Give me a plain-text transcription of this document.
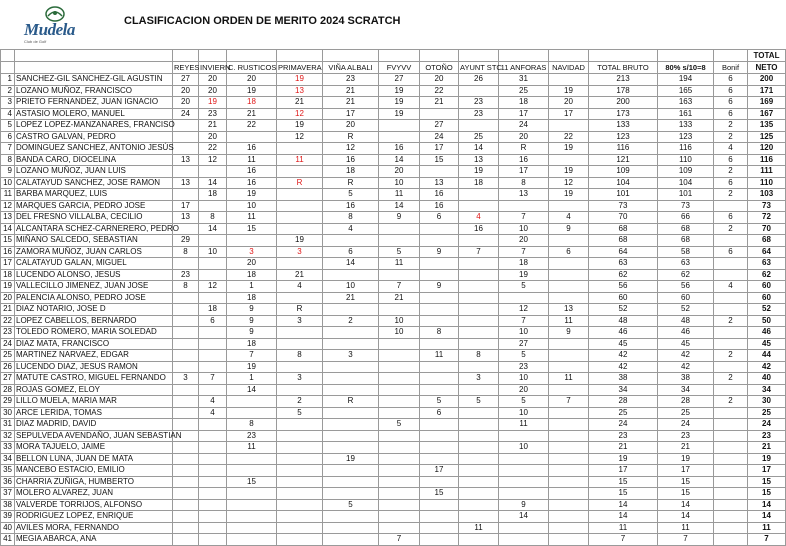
Mudela
Club de Golf
CLASIFICACION ORDEN DE MERITO 2024 SCRATCH
															TOTAL
		REYES	INVIERN	C. RUSTICOS	PRIMAVERA	VIÑA ALBALI	FVYVV	OTOÑO	AYUNT STC	11 ANFORAS	NAVIDAD	TOTAL BRUTO	80% s/10=8	Bonif	NETO
1	SANCHEZ-GIL SANCHEZ-GIL AGUSTIN	27	20	20	19	23	27	20	26	31		213	194	6	200
2	LOZANO MUÑOZ, FRANCISCO	20	20	19	13	21	19	22		25	19	178	165	6	171
3	PRIETO FERNANDEZ, JUAN IGNACIO	20	19	18	21	21	19	21	23	18	20	200	163	6	169
4	ASTASIO MOLERO, MANUEL	24	23	21	12	17	19		23	17	17	173	161	6	167
5	LOPEZ LOPEZ-MANZANARES, FRANCISO		21	22	19	20		27		24		133	133	2	135
6	CASTRO GALVAN, PEDRO		20		12	R		24	25	20	22	123	123	2	125
7	DOMINGUEZ SANCHEZ, ANTONIO JESÚS		22	16		12	16	17	14	R	19	116	116	4	120
8	BANDA CARO, DIOCELINA	13	12	11	11	16	14	15	13	16		121	110	6	116
9	LOZANO MUÑOZ, JUAN LUIS			16		18	20		19	17	19	109	109	2	111
10	CALATAYUD SANCHEZ, JOSE RAMON	13	14	16	R	R	10	13	18	8	12	104	104	6	110
11	BARBA MARQUEZ, LUIS		18	19		5	11	16		13	19	101	101	2	103
12	MARQUES GARCIA, PEDRO JOSE	17		10		16	14	16				73	73		73
13	DEL FRESNO VILLALBA, CECILIO	13	8	11		8	9	6	4	7	4	70	66	6	72
14	ALCANTARA SCHEZ-CARNERERO, PEDRO		14	15		4			16	10	9	68	68	2	70
15	MIÑANO SALCEDO, SEBASTIAN	29			19					20		68	68		68
16	ZAMORA MUÑOZ, JUAN CARLOS	8	10	3	3	6	5	9	7	7	6	64	58	6	64
17	CALATAYUD GALAN, MIGUEL			20		14	11			18		63	63		63
18	LUCENDO ALONSO, JESUS	23		18	21					19		62	62		62
19	VALLECILLO JIMENEZ, JUAN JOSE	8	12	1	4	10	7	9		5		56	56	4	60
20	PALENCIA ALONSO, PEDRO JOSE			18		21	21					60	60		60
21	DIAZ NOTARIO, JOSE D		18	9	R					12	13	52	52		52
22	LOPEZ CABELLOS, BERNARDO		6	9	3	2	10			7	11	48	48	2	50
23	TOLEDO ROMERO, MARIA SOLEDAD			9			10	8		10	9	46	46		46
24	DIAZ MATA, FRANCISCO			18						27		45	45		45
25	MARTINEZ NARVAEZ, EDGAR			7	8	3		11	8	5		42	42	2	44
26	LUCENDO DIAZ, JESUS RAMON			19						23		42	42		42
27	MATUTE CASTRO, MIGUEL FERNANDO	3	7	1	3				3	10	11	38	38	2	40
28	ROJAS GOMEZ, ELOY			14						20		34	34		34
29	LILLO MUELA, MARIA MAR		4		2	R		5	5	5	7	28	28	2	30
30	ARCE LERIDA, TOMAS		4		5			6		10		25	25		25
31	DIAZ MADRID, DAVID			8			5			11		24	24		24
32	SEPULVEDA AVENDAÑO, JUAN SEBASTIAN			23								23	23		23
33	MORA TAJUELO, JAIME			11						10		21	21		21
34	BELLON LUNA, JUAN DE MATA					19						19	19		19
35	MANCEBO ESTACIO, EMILIO							17				17	17		17
36	CHARRIA ZUÑIGA, HUMBERTO			15								15	15		15
37	MOLERO ALVAREZ, JUAN							15				15	15		15
38	VALVERDE TORRIJOS, ALFONSO					5				9		14	14		14
39	RODRIGUEZ LOPEZ, ENRIQUE									14		14	14		14
40	AVILES MORA, FERNANDO								11			11	11		11
41	MEGIA ABARCA, ANA						7					7	7		7
